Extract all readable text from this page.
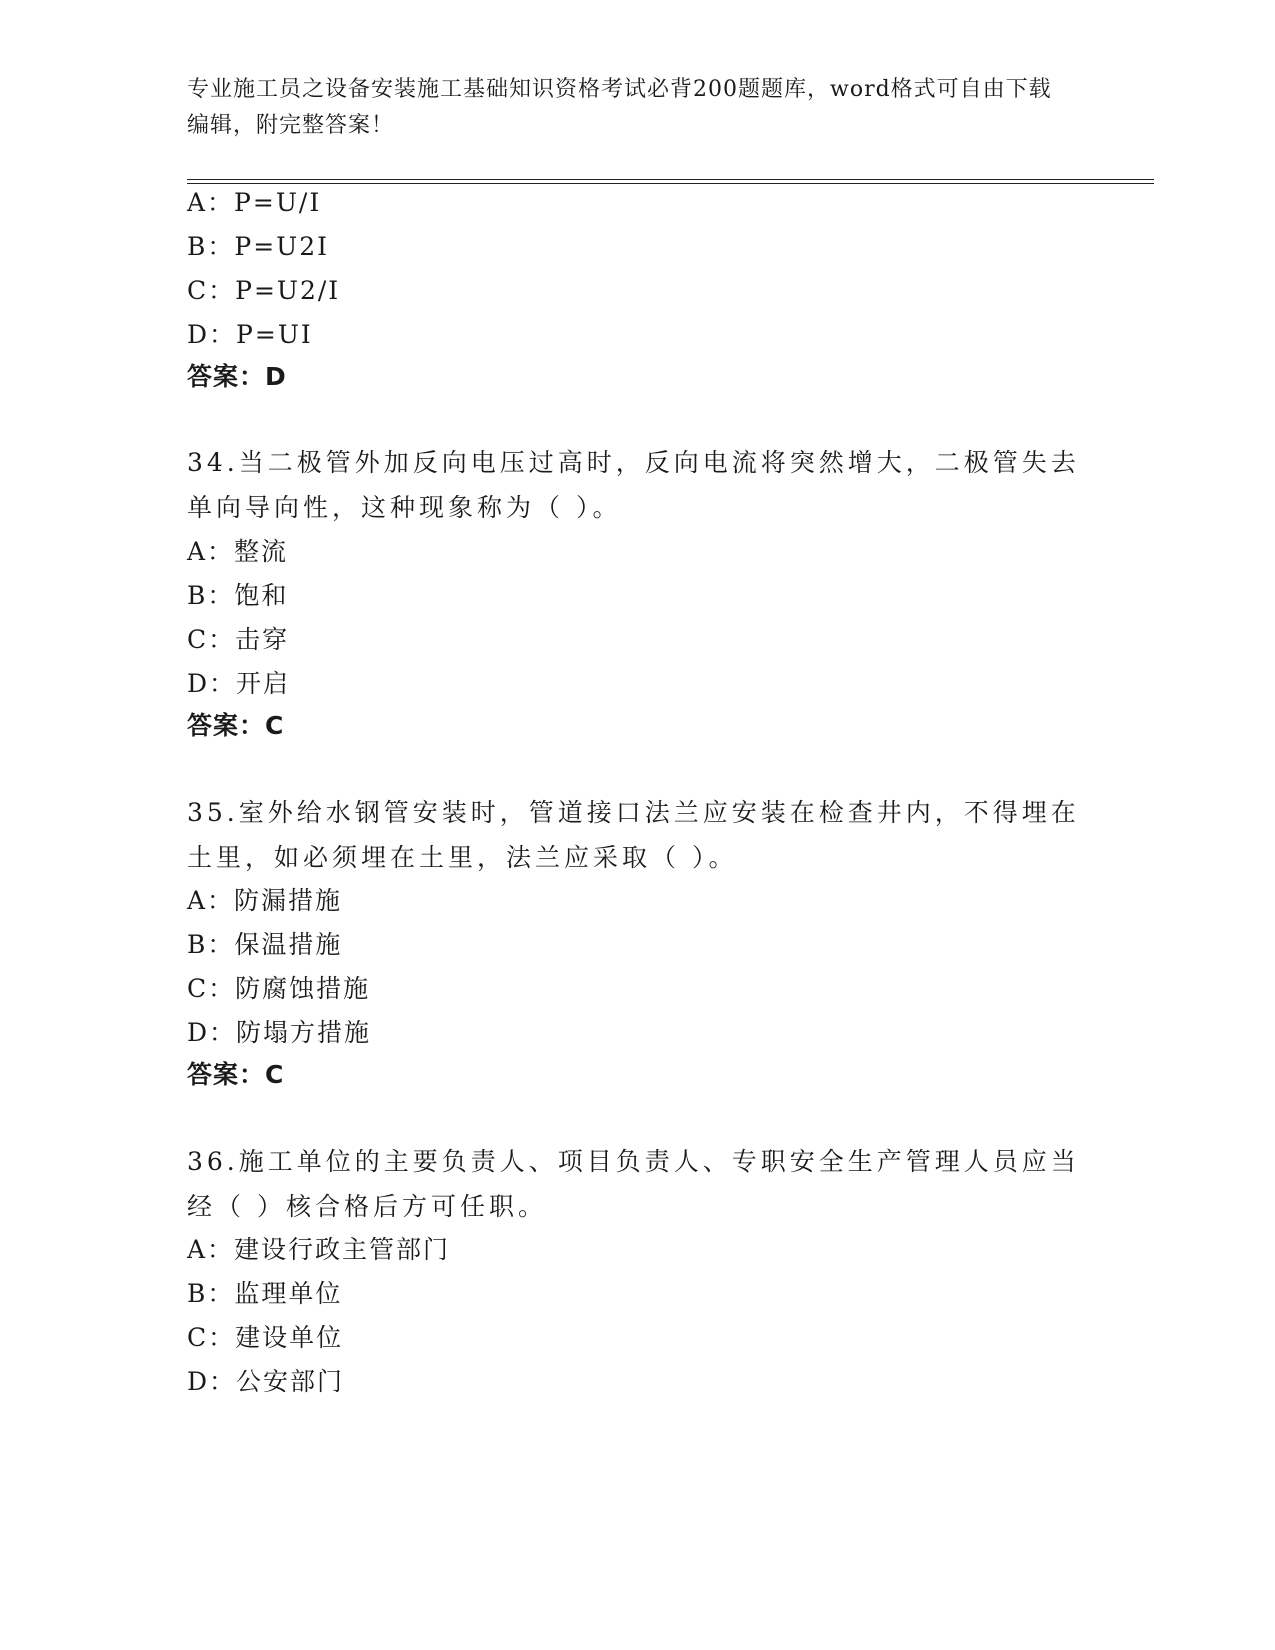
专业施工员之设备安装施工基础知识资格考试必背200题题库，word格式可自由下载编辑，附完整答案！
A：P=U/I
B：P=U2I
C：P=U2/I
D：P=UI
答案：D
34.当二极管外加反向电压过高时，反向电流将突然增大，二极管失去单向导向性，这种现象称为（ ）。
A：整流
B：饱和
C：击穿
D：开启
答案：C
35.室外给水钢管安装时，管道接口法兰应安装在检查井内，不得埋在土里，如必须埋在土里，法兰应采取（ ）。
A：防漏措施
B：保温措施
C：防腐蚀措施
D：防塌方措施
答案：C
36.施工单位的主要负责人、项目负责人、专职安全生产管理人员应当经（ ）核合格后方可任职。
A：建设行政主管部门
B：监理单位
C：建设单位
D：公安部门
